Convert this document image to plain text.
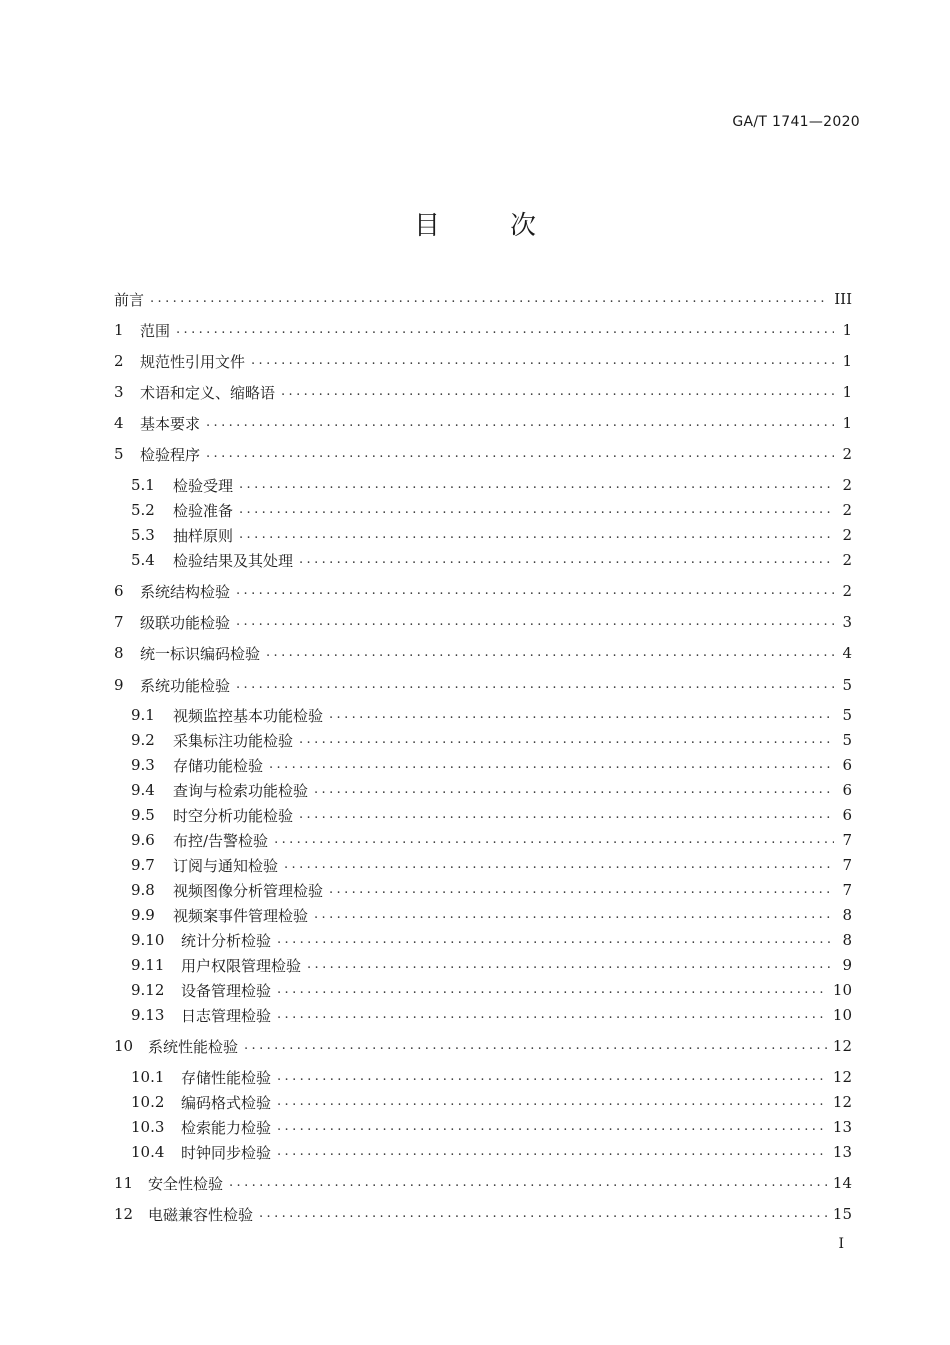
GA/T 1741—2020
目　次
前言 .....	III
1	范围 .....	1
2	规范性引用文件 .....	1
3	术语和定义、缩略语 .....	1
4	基本要求 .....	1
5	检验程序 .....	2
5.1	检验受理 .....	2
5.2	检验准备 .....	2
5.3	抽样原则 .....	2
5.4	检验结果及其处理 .....	2
6	系统结构检验 .....	2
7	级联功能检验 .....	3
8	统一标识编码检验 .....	4
9	系统功能检验 .....	5
9.1	视频监控基本功能检验 .....	5
9.2	采集标注功能检验 .....	5
9.3	存储功能检验 .....	6
9.4	查询与检索功能检验 .....	6
9.5	时空分析功能检验 .....	6
9.6	布控/告警检验 .....	7
9.7	订阅与通知检验 .....	7
9.8	视频图像分析管理检验 .....	7
9.9	视频案事件管理检验 .....	8
9.10	统计分析检验 .....	8
9.11	用户权限管理检验 .....	9
9.12	设备管理检验 .....	10
9.13	日志管理检验 .....	10
10 系统性能检验 .....	12
10.1	存储性能检验 .....	12
10.2	编码格式检验 .....	12
10.3	检索能力检验 .....	13
10.4	时钟同步检验 .....	13
11 安全性检验 .....	14
12 电磁兼容性检验 .....	15
I
